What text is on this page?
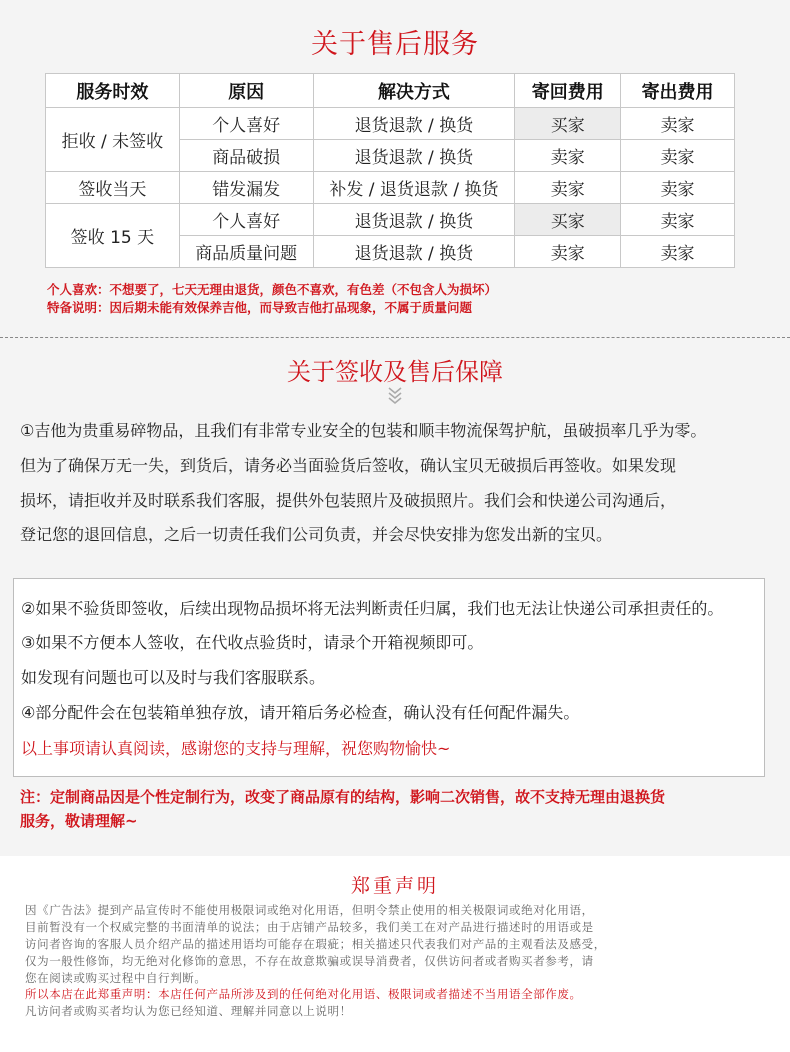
关于售后服务
服务时效	原因	解决方式	寄回费用	寄出费用
拒收 / 未签收	个人喜好	退货退款 / 换货	买家	卖家
	商品破损	退货退款 / 换货	卖家	卖家
签收当天	错发漏发	补发 / 退货退款 / 换货	卖家	卖家
签收 15 天	个人喜好	退货退款 / 换货	买家	卖家
	商品质量问题	退货退款 / 换货	卖家	卖家
个人喜欢：不想要了，七天无理由退货，颜色不喜欢，有色差（不包含人为损坏）
特备说明：因后期未能有效保养吉他，而导致吉他打品现象，不属于质量问题
关于签收及售后保障
①吉他为贵重易碎物品，且我们有非常专业安全的包装和顺丰物流保驾护航，虽破损率几乎为零。
但为了确保万无一失，到货后，请务必当面验货后签收，确认宝贝无破损后再签收。如果发现
损坏，请拒收并及时联系我们客服，提供外包装照片及破损照片。我们会和快递公司沟通后，
登记您的退回信息，之后一切责任我们公司负责，并会尽快安排为您发出新的宝贝。
②如果不验货即签收，后续出现物品损坏将无法判断责任归属，我们也无法让快递公司承担责任的。
③如果不方便本人签收，在代收点验货时，请录个开箱视频即可。
如发现有问题也可以及时与我们客服联系。
④部分配件会在包装箱单独存放，请开箱后务必检查，确认没有任何配件漏失。
以上事项请认真阅读，感谢您的支持与理解，祝您购物愉快~
注：定制商品因是个性定制行为，改变了商品原有的结构，影响二次销售，故不支持无理由退换货
服务，敬请理解~
郑重声明
因《广告法》提到产品宣传时不能使用极限词或绝对化用语，但明令禁止使用的相关极限词或绝对化用语，
目前暂没有一个权威完整的书面清单的说法；由于店铺产品较多，我们美工在对产品进行描述时的用语或是
访问者咨询的客服人员介绍产品的描述用语均可能存在瑕疵；相关描述只代表我们对产品的主观看法及感受，
仅为一般性修饰，均无绝对化修饰的意思，不存在故意欺骗或误导消费者，仅供访问者或者购买者参考，请
您在阅读或购买过程中自行判断。
所以本店在此郑重声明：本店任何产品所涉及到的任何绝对化用语、极限词或者描述不当用语全部作废。
凡访问者或购买者均认为您已经知道、理解并同意以上说明！
